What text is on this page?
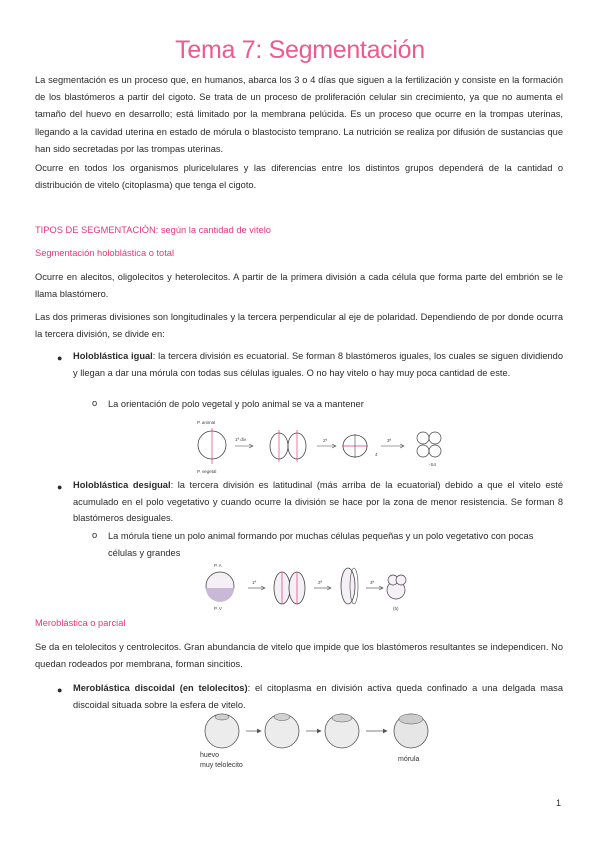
Tema 7: Segmentación

La segmentación es un proceso que, en humanos, abarca los 3 o 4 días que siguen a la fertilización y consiste en la formación de los blastómeros a partir del cigoto. Se trata de un proceso de proliferación celular sin crecimiento, ya que no aumenta el tamaño del huevo en desarrollo; está limitado por la membrana pelúcida. Es un proceso que ocurre en la trompas uterinas, llegando a la cavidad uterina en estado de mórula o blastocisto temprano. La nutrición se realiza por difusión de sustancias que han sido secretadas por las trompas uterinas.

Ocurre en todos los organismos pluricelulares y las diferencias entre los distintos grupos dependerá de la cantidad o distribución de vitelo (citoplasma) que tenga el cigoto.

TIPOS DE SEGMENTACIÓN: según la cantidad de vitelo

Segmentación holoblástica o total

Ocurre en alecitos, oligolecitos y heterolecitos. A partir de la primera división a cada célula que forma parte del embrión se le llama blastómero.

Las dos primeras divisiones son longitudinales y la tercera perpendicular al eje de polaridad. Dependiendo de por donde ocurra la tercera división, se divide en:

● Holoblástica igual: la tercera división es ecuatorial. Se forman 8 blastómeros iguales, los cuales se siguen dividiendo y llegan a dar una mórula con todas sus células iguales. O no hay vitelo o hay muy poca cantidad de este.

o La orientación de polo vegetal y polo animal se va a mantener

P. animal
P. vegetal
1ª div	2ª	3ª
4
-S4
● Holoblástica desigual: la tercera división es latitudinal (más arriba de la ecuatorial) debido a que el vitelo esté acumulado en el polo vegetativo y cuando ocurre la división se hace por la zona de menor resistencia. Se forman 8 blastómeros desiguales.

o La mórula tiene un polo animal formando por muchas células pequeñas y un polo vegetativo con pocas células y grandes

P. A
P. V
1ª	2ª	3ª
(5)

Meroblástica o parcial

Se da en telolecitos y centrolecitos. Gran abundancia de vitelo que impide que los blastómeros resultantes se independicen. No quedan rodeados por membrana, forman sincitios.

● Meroblástica discoidal (en telolecitos): el citoplasma en división activa queda confinado a una delgada masa discoidal situada sobre la esfera de vitelo.

huevo
muy telolecito
mórula
1
